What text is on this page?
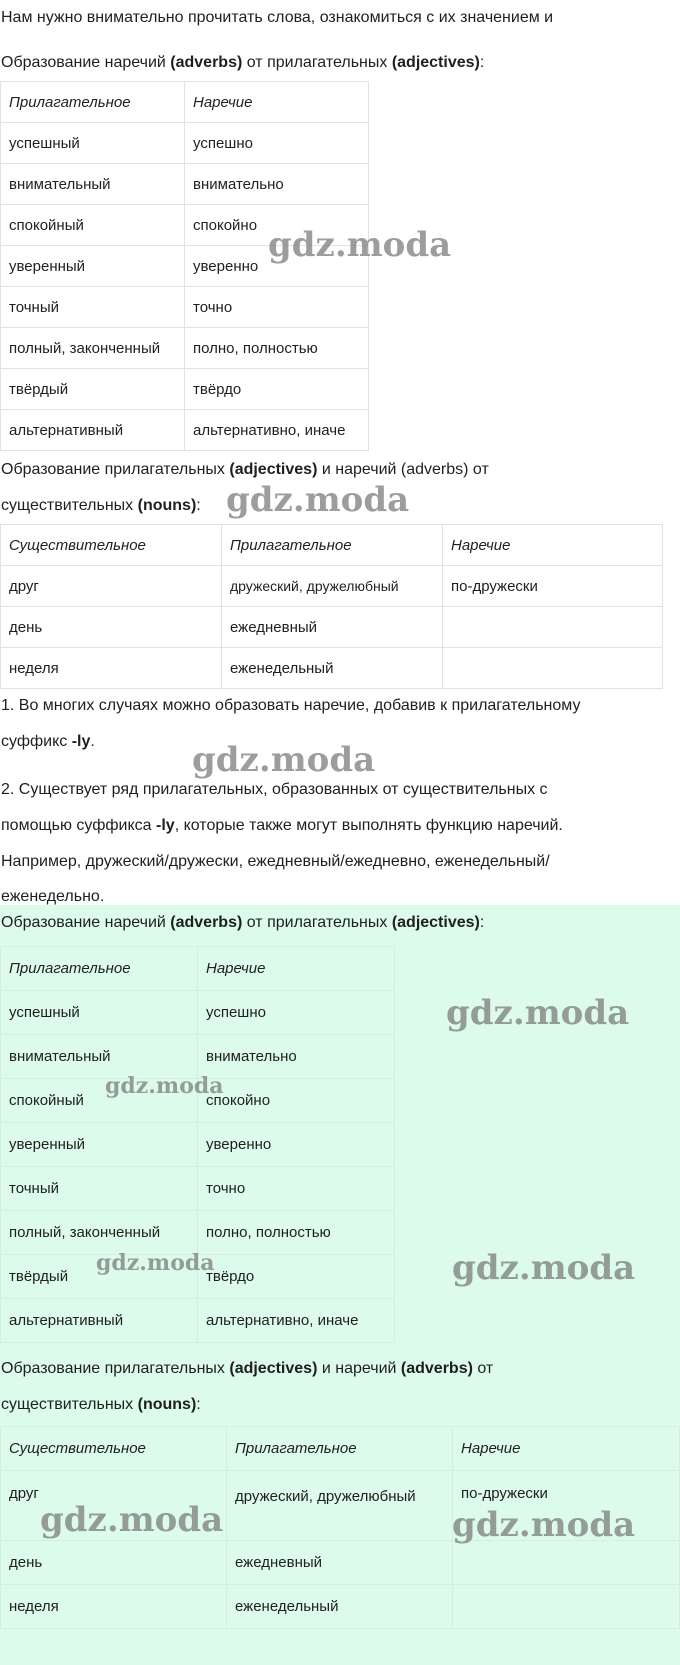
Нам нужно внимательно прочитать слова, ознакомиться с их значением и

Образование наречий (adverbs) от прилагательных (adjectives):

Прилагательное	Наречие
успешный	успешно
внимательный	внимательно
спокойный	спокойно
уверенный	уверенно
точный	точно
полный, законченный	полно, полностью
твёрдый	твёрдо
альтернативный	альтернативно, иначе

Образование прилагательных (adjectives) и наречий (adverbs) от

существительных (nouns):

Существительное	Прилагательное	Наречие
друг	дружеский, дружелюбный	по-дружески
день	ежедневный	
неделя	еженедельный	

1. Во многих случаях можно образовать наречие, добавив к прилагательному

суффикс -ly.

2. Существует ряд прилагательных, образованных от существительных с

помощью суффикса -ly, которые также могут выполнять функцию наречий.

Например, дружеский/дружески, ежедневный/ежедневно, еженедельный/

еженедельно.

Образование наречий (adverbs) от прилагательных (adjectives):

Прилагательное	Наречие
успешный	успешно
внимательный	внимательно
спокойный	спокойно
уверенный	уверенно
точный	точно
полный, законченный	полно, полностью
твёрдый	твёрдо
альтернативный	альтернативно, иначе

Образование прилагательных (adjectives) и наречий (adverbs) от

существительных (nouns):

Существительное	Прилагательное	Наречие
друг	дружеский, дружелюбный	по-дружески
день	ежедневный	
неделя	еженедельный	
gdz.moda
gdz.moda
gdz.moda
gdz.moda
gdz.moda
gdz.moda	gdz.moda
gdz.moda	gdz.moda
